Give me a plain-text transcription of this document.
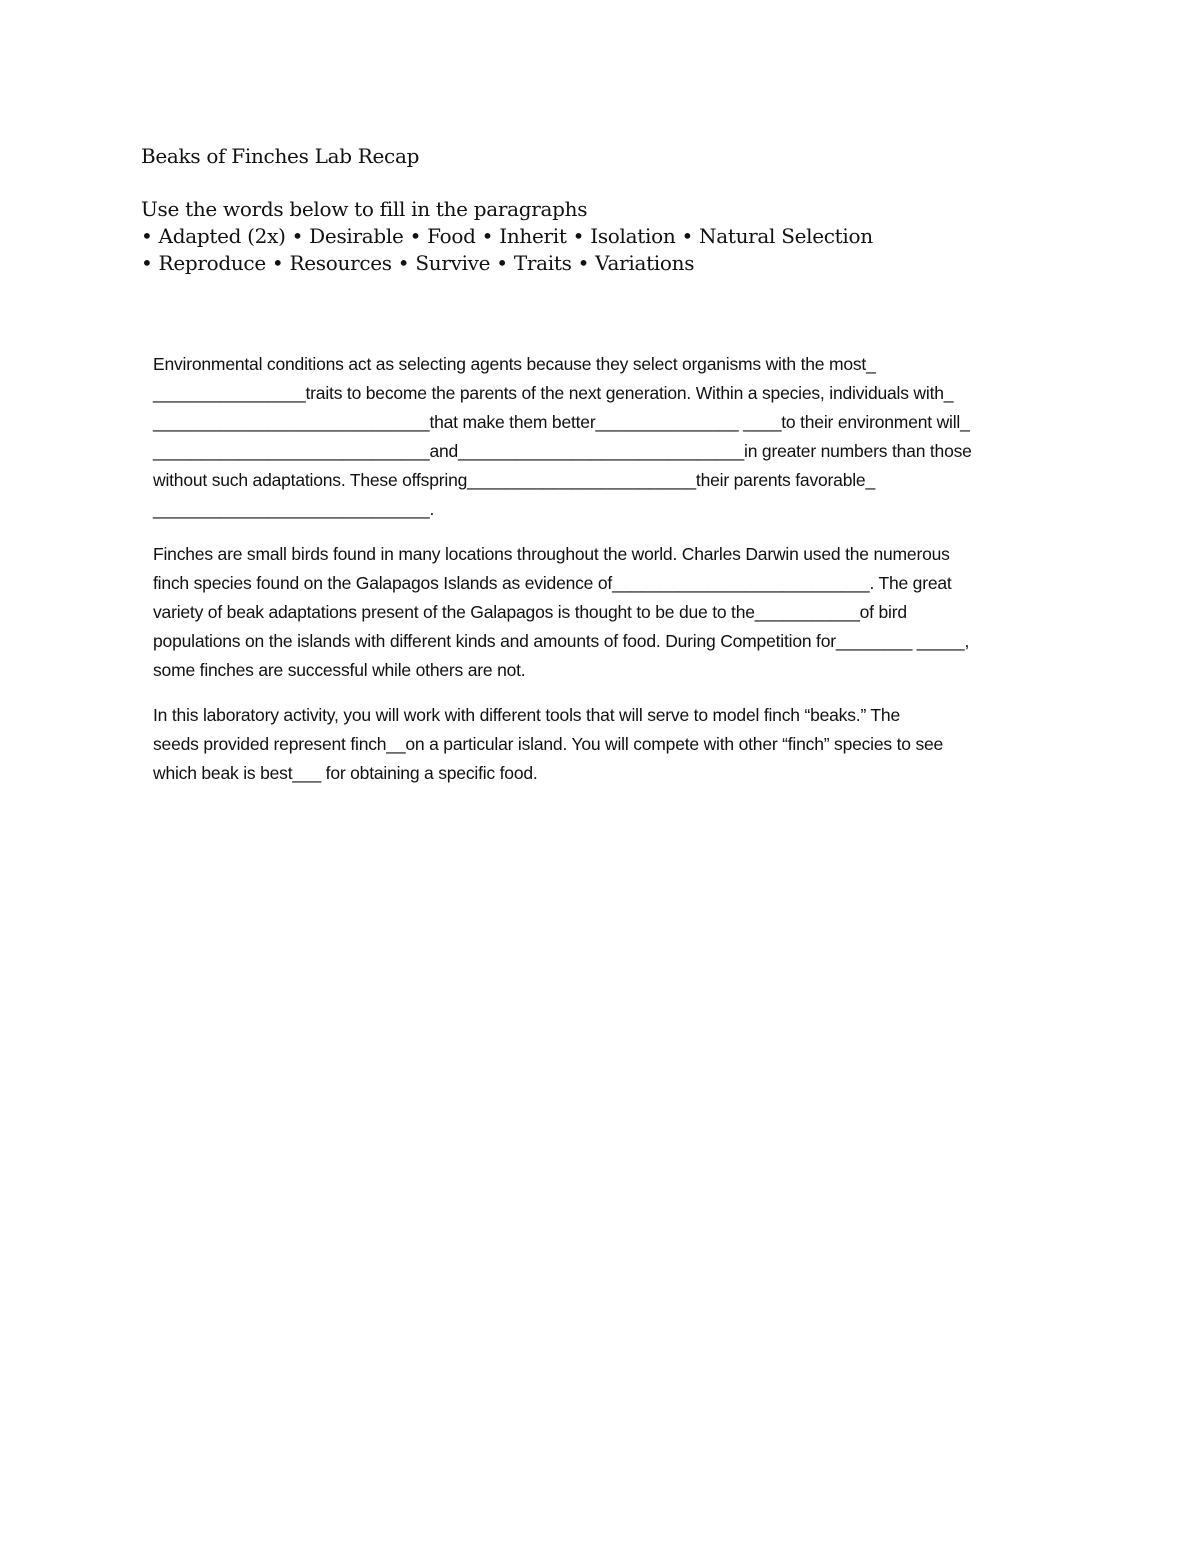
Beaks of Finches Lab Recap

Use the words below to fill in the paragraphs

• Adapted (2x) • Desirable • Food • Inherit • Isolation • Natural Selection

• Reproduce • Resources • Survive • Traits • Variations

Environmental conditions act as selecting agents because they select organisms with the most_
________________traits to become the parents of the next generation. Within a species, individuals with_
_____________________________that make them better_______________ ____to their environment will_
_____________________________and______________________________in greater numbers than those
without such adaptations. These offspring________________________their parents favorable_
_____________________________.

Finches are small birds found in many locations throughout the world. Charles Darwin used the numerous
finch species found on the Galapagos Islands as evidence of___________________________. The great
variety of beak adaptations present of the Galapagos is thought to be due to the___________of bird
populations on the islands with different kinds and amounts of food. During Competition for________ _____,
some finches are successful while others are not.

In this laboratory activity, you will work with different tools that will serve to model finch “beaks.” The
seeds provided represent finch__on a particular island. You will compete with other “finch” species to see
which beak is best___ for obtaining a specific food.
